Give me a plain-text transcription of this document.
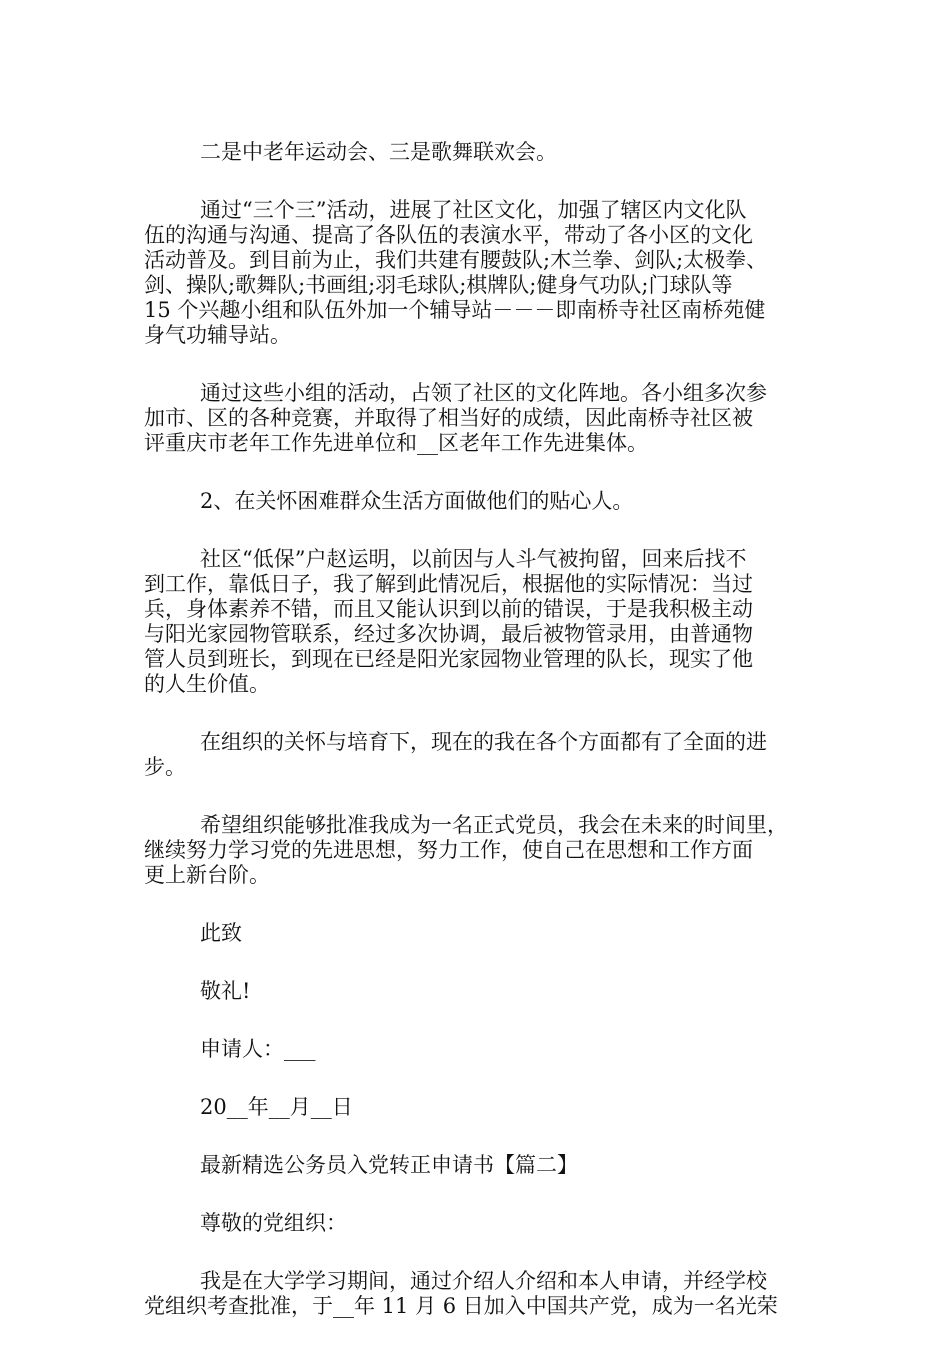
二是中老年运动会、三是歌舞联欢会。
通过“三个三”活动，进展了社区文化，加强了辖区内文化队
伍的沟通与沟通、提高了各队伍的表演水平，带动了各小区的文化
活动普及。到目前为止，我们共建有腰鼓队;木兰拳、剑队;太极拳、
剑、操队;歌舞队;书画组;羽毛球队;棋牌队;健身气功队;门球队等
15 个兴趣小组和队伍外加一个辅导站－－－即南桥寺社区南桥苑健
身气功辅导站。
通过这些小组的活动，占领了社区的文化阵地。各小组多次参
加市、区的各种竞赛，并取得了相当好的成绩，因此南桥寺社区被
评重庆市老年工作先进单位和__区老年工作先进集体。
2、在关怀困难群众生活方面做他们的贴心人。
社区“低保”户赵运明，以前因与人斗气被拘留，回来后找不
到工作，靠低日子，我了解到此情况后，根据他的实际情况：当过
兵，身体素养不错，而且又能认识到以前的错误，于是我积极主动
与阳光家园物管联系，经过多次协调，最后被物管录用，由普通物
管人员到班长，到现在已经是阳光家园物业管理的队长，现实了他
的人生价值。
在组织的关怀与培育下，现在的我在各个方面都有了全面的进
步。
希望组织能够批准我成为一名正式党员，我会在未来的时间里，
继续努力学习党的先进思想，努力工作，使自己在思想和工作方面
更上新台阶。
此致
敬礼!
申请人：___
20__年__月__日
最新精选公务员入党转正申请书【篇二】
尊敬的党组织：
我是在大学学习期间，通过介绍人介绍和本人申请，并经学校
党组织考查批准，于__年 11 月 6 日加入中国共产党，成为一名光荣
